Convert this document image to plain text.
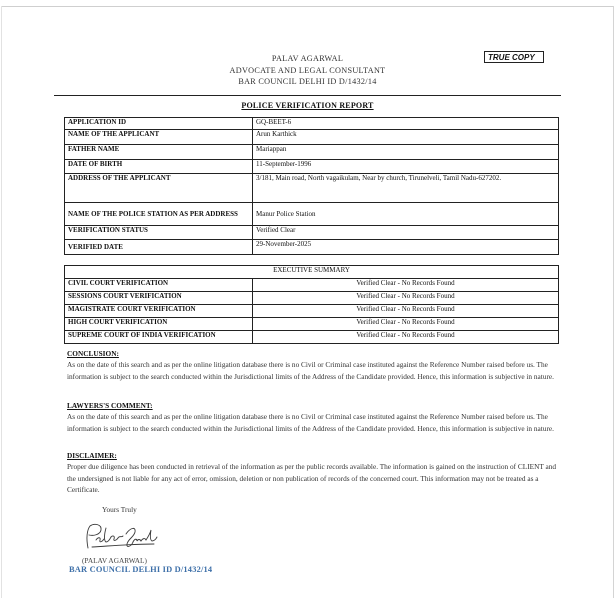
PALAV AGARWAL
ADVOCATE AND LEGAL CONSULTANT
BAR COUNCIL DELHI ID D/1432/14
TRUE COPY
POLICE VERIFICATION REPORT
APPLICATION ID	GQ-BEET-6
NAME OF THE APPLICANT	Arun Karthick
FATHER NAME	Mariappan
DATE OF BIRTH	11-September-1996
ADDRESS OF THE APPLICANT	3/181, Main road, North vagaikulam, Near by church, Tirunelveli, Tamil Nadu-627202.
NAME OF THE POLICE STATION AS PER ADDRESS	Manur Police Station
VERIFICATION STATUS	Verified Clear
VERIFIED DATE	29-November-2025
EXECUTIVE SUMMARY	
CIVIL COURT VERIFICATION	Verified Clear - No Records Found
SESSIONS COURT VERIFICATION	Verified Clear - No Records Found
MAGISTRATE COURT VERIFICATION	Verified Clear - No Records Found
HIGH COURT VERIFICATION	Verified Clear - No Records Found
SUPREME COURT OF INDIA VERIFICATION	Verified Clear - No Records Found
CONCLUSION:
As on the date of this search and as per the online litigation database there is no Civil or Criminal case instituted against the Reference Number raised before us. The information is subject to the search conducted within the Jurisdictional limits of the Address of the Candidate provided. Hence, this information is subjective in nature.
LAWYERS'S COMMENT:
As on the date of this search and as per the online litigation database there is no Civil or Criminal case instituted against the Reference Number raised before us. The information is subject to the search conducted within the Jurisdictional limits of the Address of the Candidate provided. Hence, this information is subjective in nature.
DISCLAIMER:
Proper due diligence has been conducted in retrieval of the information as per the public records available. The information is gained on the instruction of CLIENT and the undersigned is not liable for any act of error, omission, deletion or non publication of records of the concerned court. This information may not be treated as a Certificate.
Yours Truly
(PALAV AGARWAL)
BAR COUNCIL DELHI ID D/1432/14
